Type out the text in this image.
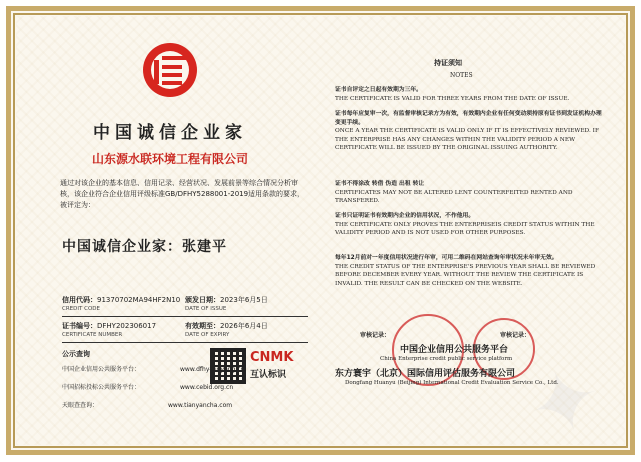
✦
中国诚信企业家
山东源水联环境工程有限公司
通过对该企业的基本信息、信用记录、经营状况、发展前景等综合情况分析审核，该企业符合企业信用评级标准GB/DFHY5288001-2019适用条款的要求，被评定为：
中国诚信企业家：张建平
信用代码：91370702MA94HF2N10
CREDIT CODE
颁发日期：2023年6月5日
DATE OF ISSUE
证书编号：DFHY202306017
CERTIFICATE NUMBER
有效期至：2026年6月4日
DATE OF EXPIRY
公示查询
中国企业信用公共服务平台：
中国招标投标公共服务平台：	www.cebid.org.cn
天眼查查询：	www.tianyancha.com
CNMK
互认标识
持证须知
NOTES
证书自评定之日起有效期为三年。
THE CERTIFICATE IS VALID FOR THREE YEARS FROM THE DATE OF ISSUE.
证书每年应复审一次，有监督审核记录方为有效，有效期内企业有任何变动须持原有证书到发证机构办理变更手续。
ONCE A YEAR THE CERTIFICATE IS VALID ONLY IF IT IS EFFECTIVELY REVIEWED. IF THE ENTERPRISE HAS ANY CHANGES WITHIN THE VALIDITY PERIOD A NEW CERTIFICATE WILL BE ISSUED BY THE ORIGINAL ISSUING AUTHORITY.
证书不得涂改 转借 伪造 出租 转让
CERTIFICATES MAY NOT BE ALTERED LENT COUNTERFEITED RENTED AND TRANSFERED.
证书只证明证书有效期内企业的信用状况，不作他用。
THE CERTIFICATE ONLY PROVES THE ENTERPRISEIS CREDIT STATUS WITHIN THE VALIDITY PERIOD AND IS NOT USED FOR OTHER PURPOSES.
每年12月前对一年度信用状况进行年审，可用二维码在网站查询年审状况未年审无效。
THE CREDIT STATUS OF THE ENTERPRISE'S PREVIOUS YEAR SHALL BE REVIEWED BEFORE DECEMBER EVERY YEAR. WITHOUT THE REVIEW THE CERTIFICATE IS INVALID. THE RESULT CAN BE CHECKED ON THE WEBSITE.
审核记录：	审核记录：
中国企业信用公共服务平台
China Enterprise credit public service platform
东方寰宇（北京）国际信用评估服务有限公司
Dongfang Huanyu (Beijing) International Credit Evaluation Service Co., Ltd.
